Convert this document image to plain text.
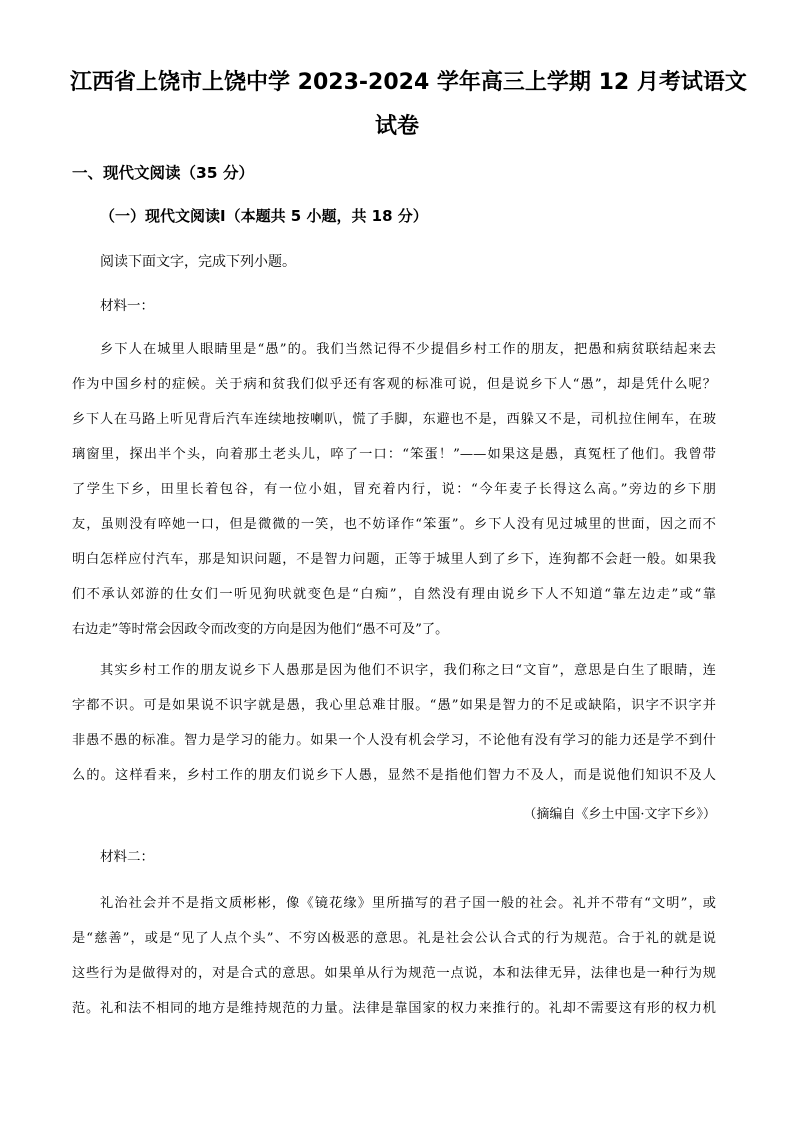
江西省上饶市上饶中学 2023-2024 学年高三上学期 12 月考试语文
试卷
一、现代文阅读（35 分）
（一）现代文阅读Ⅰ（本题共 5 小题，共 18 分）
阅读下面文字，完成下列小题。
材料一：
乡下人在城里人眼睛里是“愚”的。我们当然记得不少提倡乡村工作的朋友，把愚和病贫联结起来去
作为中国乡村的症候。关于病和贫我们似乎还有客观的标准可说，但是说乡下人“愚”，却是凭什么呢？
乡下人在马路上听见背后汽车连续地按喇叭，慌了手脚，东避也不是，西躲又不是，司机拉住闸车，在玻
璃窗里，探出半个头，向着那土老头儿，啐了一口：“笨蛋！”——如果这是愚，真冤枉了他们。我曾带
了学生下乡，田里长着包谷，有一位小姐，冒充着内行，说：“今年麦子长得这么高。”旁边的乡下朋
友，虽则没有啐她一口，但是微微的一笑，也不妨译作“笨蛋”。乡下人没有见过城里的世面，因之而不
明白怎样应付汽车，那是知识问题，不是智力问题，正等于城里人到了乡下，连狗都不会赶一般。如果我
们不承认郊游的仕女们一听见狗吠就变色是“白痴”，自然没有理由说乡下人不知道“靠左边走”或“靠
右边走”等时常会因政令而改变的方向是因为他们“愚不可及”了。
其实乡村工作的朋友说乡下人愚那是因为他们不识字，我们称之曰“文盲”，意思是白生了眼睛，连
字都不识。可是如果说不识字就是愚，我心里总难甘服。“愚”如果是智力的不足或缺陷，识字不识字并
非愚不愚的标准。智力是学习的能力。如果一个人没有机会学习，不论他有没有学习的能力还是学不到什
么的。这样看来，乡村工作的朋友们说乡下人愚，显然不是指他们智力不及人，而是说他们知识不及人
（摘编自《乡土中国·文字下乡》）
材料二：
礼治社会并不是指文质彬彬，像《镜花缘》里所描写的君子国一般的社会。礼并不带有“文明”，或
是“慈善”，或是“见了人点个头”、不穷凶极恶的意思。礼是社会公认合式的行为规范。合于礼的就是说
这些行为是做得对的，对是合式的意思。如果单从行为规范一点说，本和法律无异，法律也是一种行为规
范。礼和法不相同的地方是维持规范的力量。法律是靠国家的权力来推行的。礼却不需要这有形的权力机
